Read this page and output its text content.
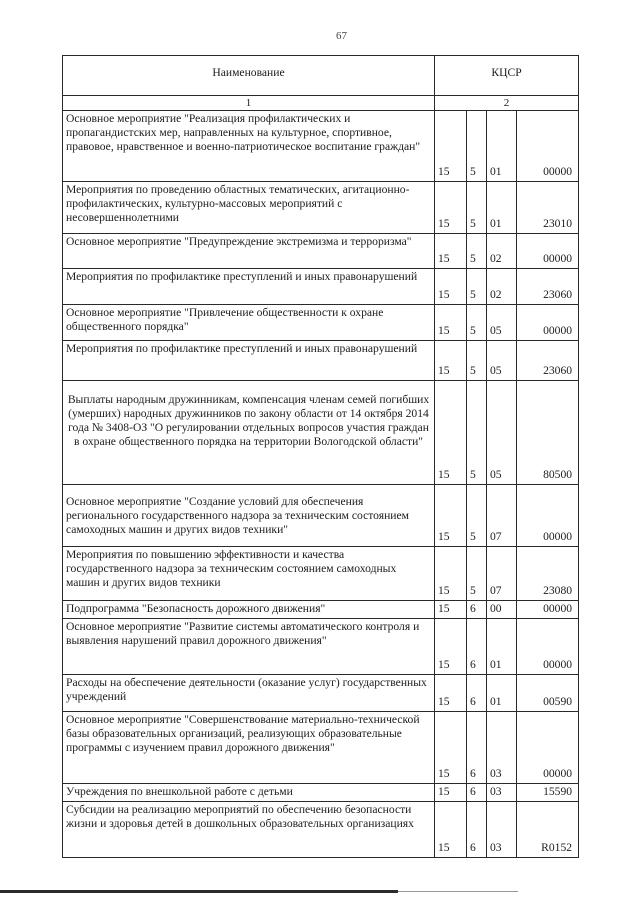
67
Наименование	КЦСР			
1	2			
Основное мероприятие "Реализация профилактических и пропагандистских мер, направленных на культурное, спортивное, правовое, нравственное и военно-патриотическое воспитание граждан"	15	5	01	00000
Мероприятия по проведению областных тематических, агитационно-профилактических, культурно-массовых мероприятий с несовершеннолетними	15	5	01	23010
Основное мероприятие "Предупреждение экстремизма и терроризма"	15	5	02	00000
Мероприятия по профилактике преступлений и иных правонарушений	15	5	02	23060
Основное мероприятие "Привлечение общественности к охране общественного порядка"	15	5	05	00000
Мероприятия по профилактике преступлений и иных правонарушений	15	5	05	23060
Выплаты народным дружинникам, компенсация членам семей погибших (умерших) народных дружинников по закону области от 14 октября 2014 года № 3408-ОЗ "О регулировании отдельных вопросов участия граждан в охране общественного порядка на территории Вологодской области"	15	5	05	80500
Основное мероприятие "Создание условий для обеспечения регионального государственного надзора за техническим состоянием самоходных машин и других видов техники"	15	5	07	00000
Мероприятия по повышению эффективности и качества государственного надзора за техническим состоянием самоходных машин и других видов техники	15	5	07	23080
Подпрограмма "Безопасность дорожного движения"	15	6	00	00000
Основное мероприятие "Развитие системы автоматического контроля и выявления нарушений правил дорожного движения"	15	6	01	00000
Расходы на обеспечение деятельности (оказание услуг) государственных учреждений	15	6	01	00590
Основное мероприятие "Совершенствование материально-технической базы образовательных организаций, реализующих образовательные программы с изучением правил дорожного движения"	15	6	03	00000
Учреждения по внешкольной работе с детьми	15	6	03	15590
Субсидии на реализацию мероприятий по обеспечению безопасности жизни и здоровья детей в дошкольных образовательных организациях	15	6	03	R0152
